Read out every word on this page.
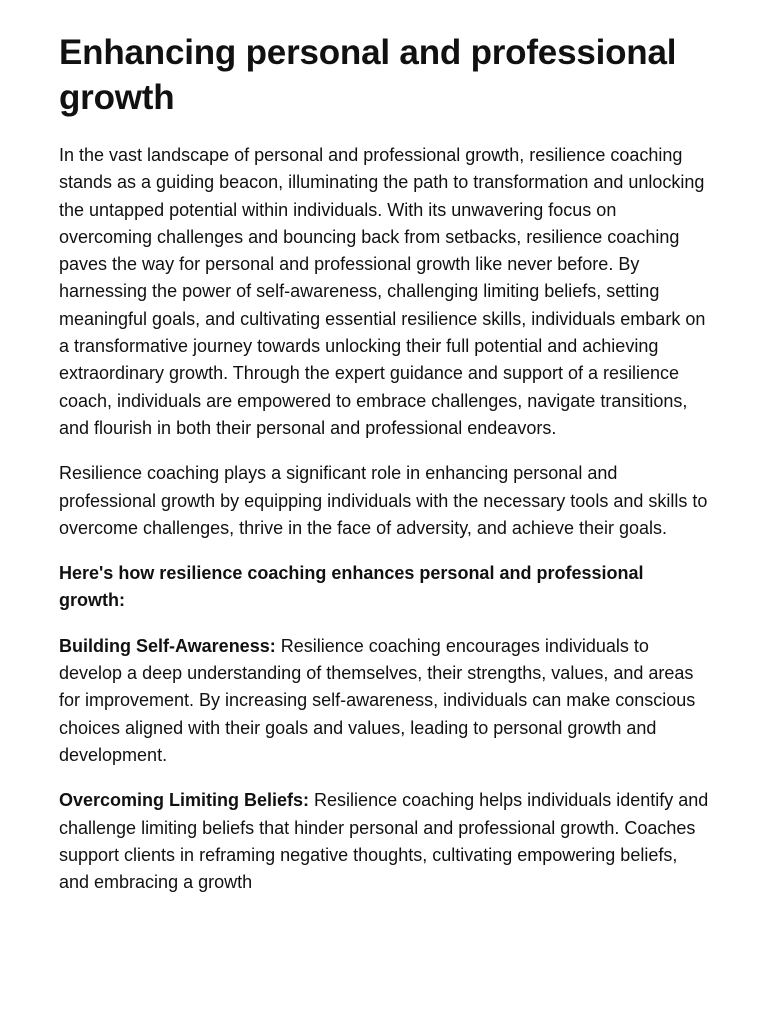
Enhancing personal and professional growth

In the vast landscape of personal and professional growth, resilience coaching stands as a guiding beacon, illuminating the path to transformation and unlocking the untapped potential within individuals. With its unwavering focus on overcoming challenges and bouncing back from setbacks, resilience coaching paves the way for personal and professional growth like never before. By harnessing the power of self-awareness, challenging limiting beliefs, setting meaningful goals, and cultivating essential resilience skills, individuals embark on a transformative journey towards unlocking their full potential and achieving extraordinary growth. Through the expert guidance and support of a resilience coach, individuals are empowered to embrace challenges, navigate transitions, and flourish in both their personal and professional endeavors.

Resilience coaching plays a significant role in enhancing personal and professional growth by equipping individuals with the necessary tools and skills to overcome challenges, thrive in the face of adversity, and achieve their goals.

Here's how resilience coaching enhances personal and professional growth:

Building Self-Awareness: Resilience coaching encourages individuals to develop a deep understanding of themselves, their strengths, values, and areas for improvement. By increasing self-awareness, individuals can make conscious choices aligned with their goals and values, leading to personal growth and development.

Overcoming Limiting Beliefs: Resilience coaching helps individuals identify and challenge limiting beliefs that hinder personal and professional growth. Coaches support clients in reframing negative thoughts, cultivating empowering beliefs, and embracing a growth
